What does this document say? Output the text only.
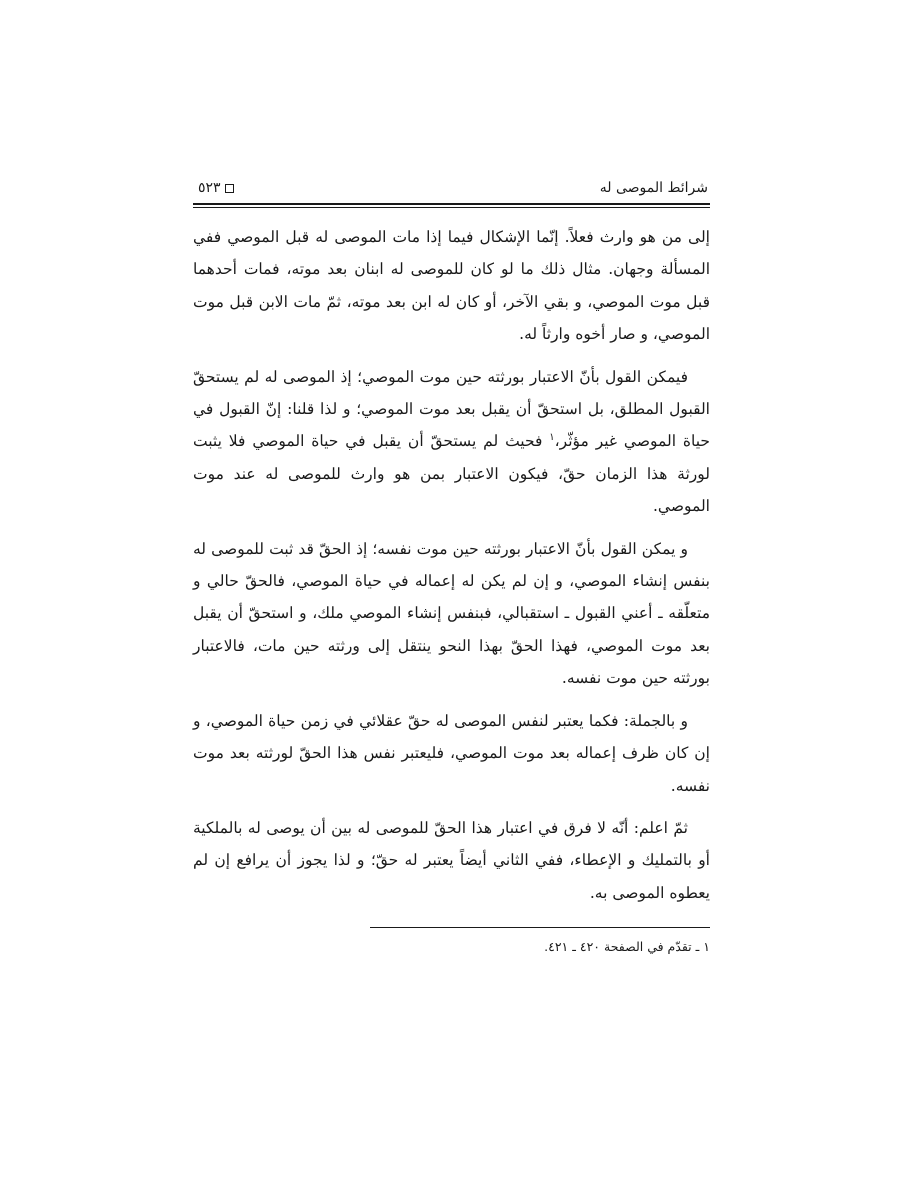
شرائط الموصى له
٥٢٣

إلى من هو وارث فعلاً. إنّما الإشكال فيما إذا مات الموصى له قبل الموصي ففي المسألة وجهان. مثال ذلك ما لو كان للموصى له ابنان بعد موته، فمات أحدهما قبل موت الموصي، و بقي الآخر، أو كان له ابن بعد موته، ثمّ مات الابن قبل موت الموصي، و صار أخوه وارثاً له.

فيمكن القول بأنّ الاعتبار بورثته حين موت الموصي؛ إذ الموصى له لم يستحقّ القبول المطلق، بل استحقّ أن يقبل بعد موت الموصي؛ و لذا قلنا: إنّ القبول في حياة الموصي غير مؤثّر،$^١$ فحيث لم يستحقّ أن يقبل في حياة الموصي فلا يثبت لورثة هذا الزمان حقّ، فيكون الاعتبار بمن هو وارث للموصى له عند موت الموصي.

و يمكن القول بأنّ الاعتبار بورثته حين موت نفسه؛ إذ الحقّ قد ثبت للموصى له بنفس إنشاء الموصي، و إن لم يكن له إعماله في حياة الموصي، فالحقّ حالي و متعلّقه ـ أعني القبول ـ استقبالي، فبنفس إنشاء الموصي ملك، و استحقّ أن يقبل بعد موت الموصي، فهذا الحقّ بهذا النحو ينتقل إلى ورثته حين مات، فالاعتبار بورثته حين موت نفسه.

و بالجملة: فكما يعتبر لنفس الموصى له حقّ عقلائي في زمن حياة الموصي، و إن كان ظرف إعماله بعد موت الموصي، فليعتبر نفس هذا الحقّ لورثته بعد موت نفسه.

ثمّ اعلم: أنّه لا فرق في اعتبار هذا الحقّ للموصى له بين أن يوصى له بالملكية أو بالتمليك و الإعطاء، ففي الثاني أيضاً يعتبر له حقّ؛ و لذا يجوز أن يرافع إن لم يعطوه الموصى به.

١ ـ تقدّم في الصفحة ٤٢٠ ـ ٤٢١.
